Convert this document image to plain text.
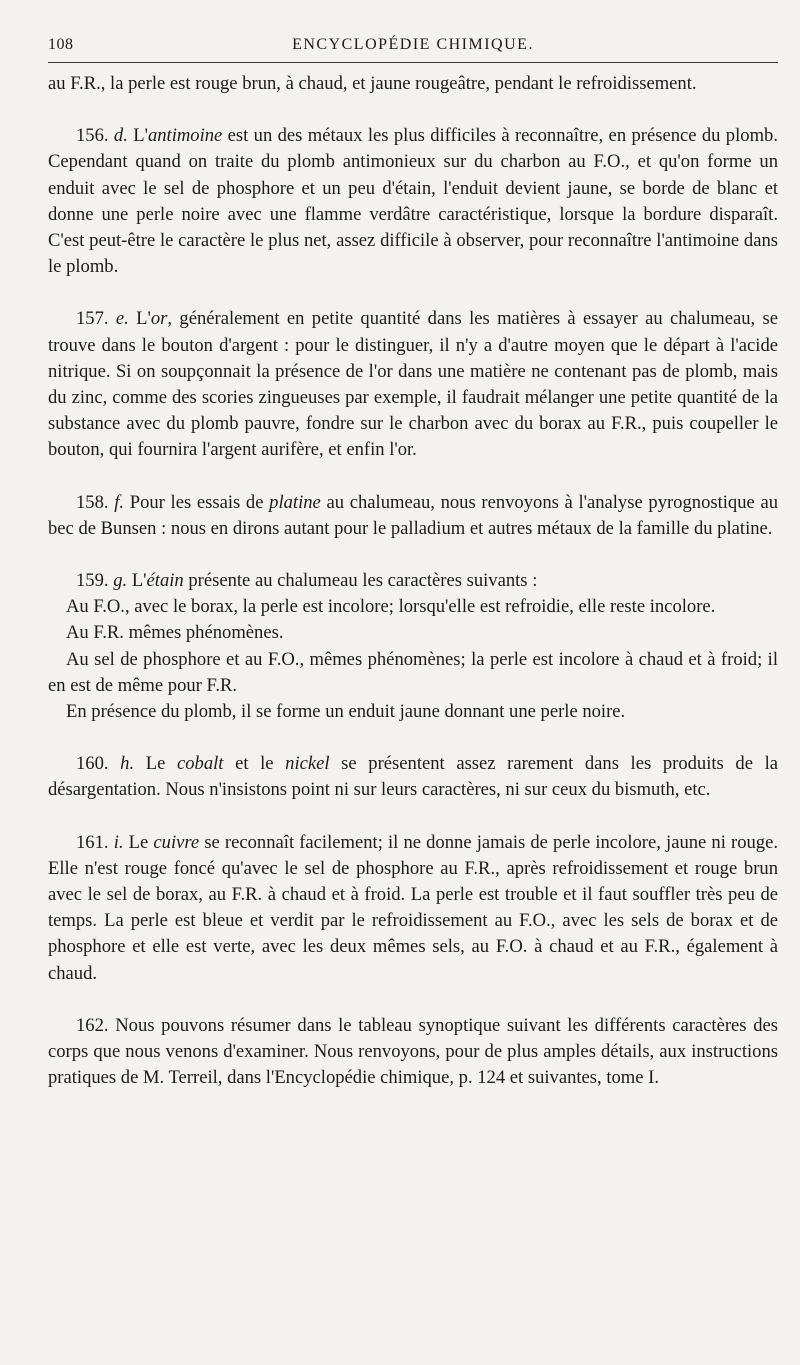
108	ENCYCLOPÉDIE CHIMIQUE.

au F.R., la perle est rouge brun, à chaud, et jaune rougeâtre, pendant le refroidissement.

156. d. L'antimoine est un des métaux les plus difficiles à reconnaître, en présence du plomb. Cependant quand on traite du plomb antimonieux sur du charbon au F.O., et qu'on forme un enduit avec le sel de phosphore et un peu d'étain, l'enduit devient jaune, se borde de blanc et donne une perle noire avec une flamme verdâtre caractéristique, lorsque la bordure disparaît. C'est peut-être le caractère le plus net, assez difficile à observer, pour reconnaître l'antimoine dans le plomb.

157. e. L'or, généralement en petite quantité dans les matières à essayer au chalumeau, se trouve dans le bouton d'argent : pour le distinguer, il n'y a d'autre moyen que le départ à l'acide nitrique. Si on soupçonnait la présence de l'or dans une matière ne contenant pas de plomb, mais du zinc, comme des scories zingueuses par exemple, il faudrait mélanger une petite quantité de la substance avec du plomb pauvre, fondre sur le charbon avec du borax au F.R., puis coupeller le bouton, qui fournira l'argent aurifère, et enfin l'or.

158. f. Pour les essais de platine au chalumeau, nous renvoyons à l'analyse pyrognostique au bec de Bunsen : nous en dirons autant pour le palladium et autres métaux de la famille du platine.

159. g. L'étain présente au chalumeau les caractères suivants :

Au F.O., avec le borax, la perle est incolore; lorsqu'elle est refroidie, elle reste incolore.

Au F.R. mêmes phénomènes.

Au sel de phosphore et au F.O., mêmes phénomènes; la perle est incolore à chaud et à froid; il en est de même pour F.R.

En présence du plomb, il se forme un enduit jaune donnant une perle noire.

160. h. Le cobalt et le nickel se présentent assez rarement dans les produits de la désargentation. Nous n'insistons point ni sur leurs caractères, ni sur ceux du bismuth, etc.

161. i. Le cuivre se reconnaît facilement; il ne donne jamais de perle incolore, jaune ni rouge. Elle n'est rouge foncé qu'avec le sel de phosphore au F.R., après refroidissement et rouge brun avec le sel de borax, au F.R. à chaud et à froid. La perle est trouble et il faut souffler très peu de temps. La perle est bleue et verdit par le refroidissement au F.O., avec les sels de borax et de phosphore et elle est verte, avec les deux mêmes sels, au F.O. à chaud et au F.R., également à chaud.

162. Nous pouvons résumer dans le tableau synoptique suivant les différents caractères des corps que nous venons d'examiner. Nous renvoyons, pour de plus amples détails, aux instructions pratiques de M. Terreil, dans l'Encyclopédie chimique, p. 124 et suivantes, tome I.
